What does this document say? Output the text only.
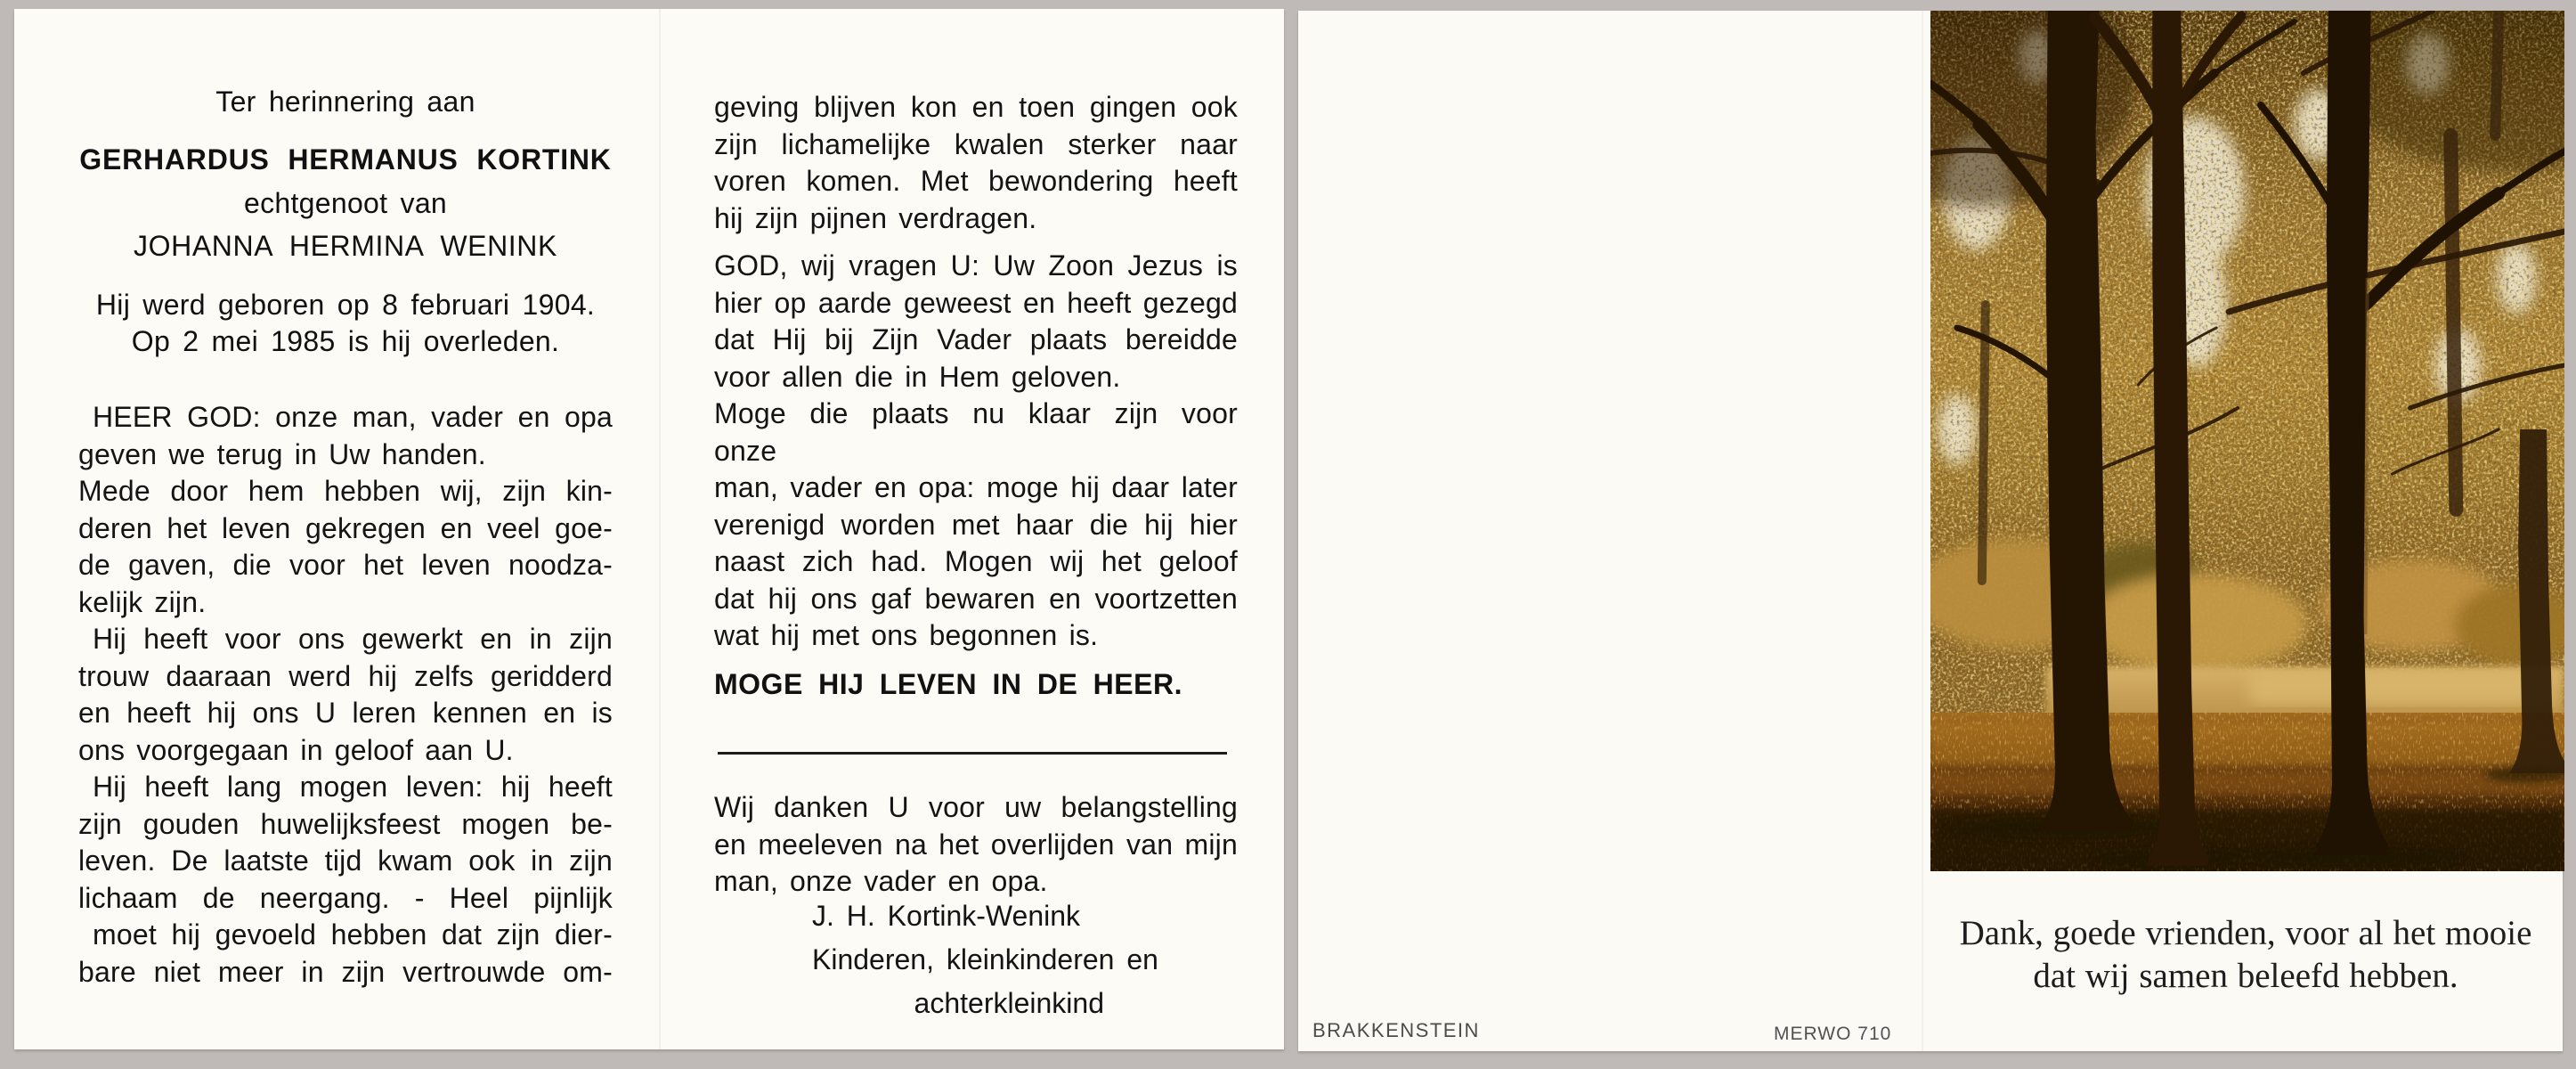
Ter herinnering aan
GERHARDUS HERMANUS KORTINK
echtgenoot van
JOHANNA HERMINA WENINK
Hij werd geboren op 8 februari 1904.
Op 2 mei 1985 is hij overleden.
HEER GOD: onze man, vader en opa
geven we terug in Uw handen.
Mede door hem hebben wij, zijn kin-
deren het leven gekregen en veel goe-
de gaven, die voor het leven noodza-
kelijk zijn.
Hij heeft voor ons gewerkt en in zijn
trouw daaraan werd hij zelfs geridderd
en heeft hij ons U leren kennen en is
ons voorgegaan in geloof aan U.
Hij heeft lang mogen leven: hij heeft
zijn gouden huwelijksfeest mogen be-
leven. De laatste tijd kwam ook in zijn
lichaam de neergang. - Heel pijnlijk
moet hij gevoeld hebben dat zijn dier-
bare niet meer in zijn vertrouwde om-
geving blijven kon en toen gingen ook
zijn lichamelijke kwalen sterker naar
voren komen. Met bewondering heeft
hij zijn pijnen verdragen.
GOD, wij vragen U: Uw Zoon Jezus is
hier op aarde geweest en heeft gezegd
dat Hij bij Zijn Vader plaats bereidde
voor allen die in Hem geloven.
Moge die plaats nu klaar zijn voor onze
man, vader en opa: moge hij daar later
verenigd worden met haar die hij hier
naast zich had. Mogen wij het geloof
dat hij ons gaf bewaren en voortzetten
wat hij met ons begonnen is.
MOGE HIJ LEVEN IN DE HEER.
Wij danken U voor uw belangstelling
en meeleven na het overlijden van mijn
man, onze vader en opa.
J. H. Kortink-Wenink
Kinderen, kleinkinderen en
achterkleinkind
Dank, goede vrienden, voor al het mooie
dat wij samen beleefd hebben.
BRAKKENSTEIN	MERWO 710
